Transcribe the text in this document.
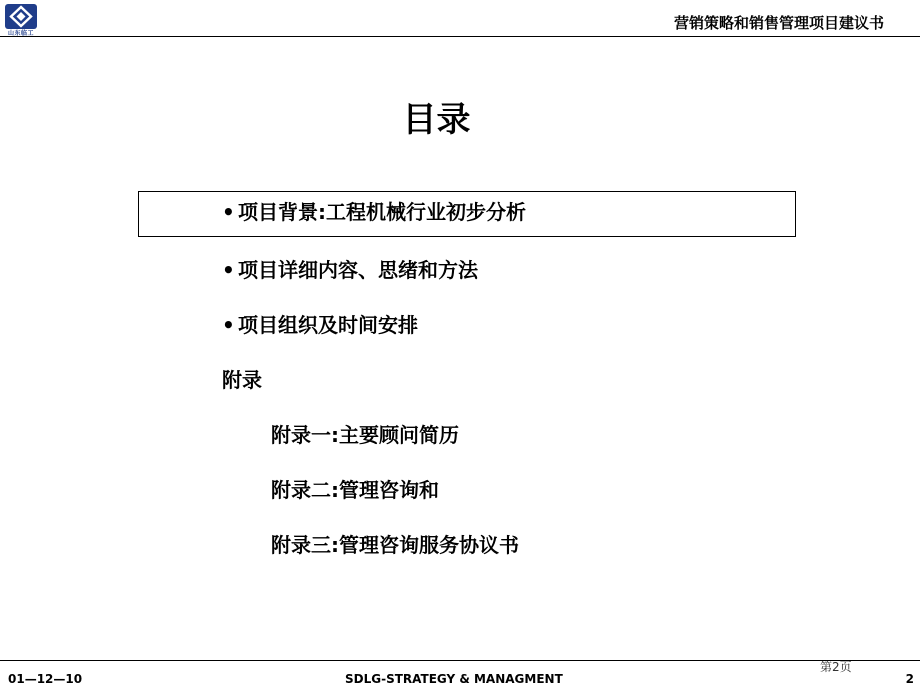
山东临工
营销策略和销售管理项目建议书
目录
• 项目背景:工程机械行业初步分析
• 项目详细内容、思绪和方法
• 项目组织及时间安排
附录
附录一:主要顾问简历
附录二:管理咨询和
附录三:管理咨询服务协议书
第2页
01—12—10	SDLG-STRATEGY & MANAGMENT	2
